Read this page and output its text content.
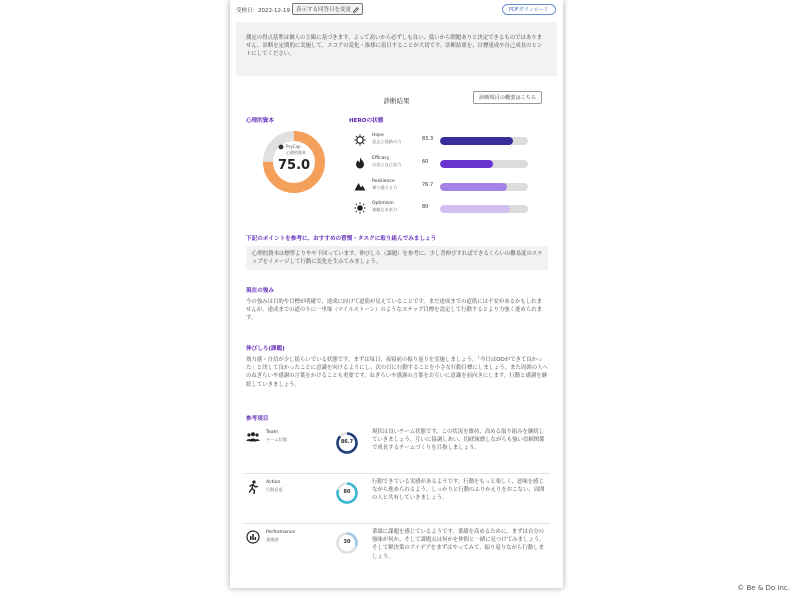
受検日：2022-12-19	表示する回答日を変更	PDFダウンロード

測定の得点基準は個人の主観に基づきます。よって高いから必ずしも良い、低いから問題ありと決定できるものではありません。診断を定期的に実施して、スコアの変化・推移に着目することが大切です。診断結果を、目標達成や自己成長のヒントにしてください。

診断結果	診断項目の概要はこちら
心理的資本
PsyCap
心理的資本
75.0
HEROの状態
Hope
意志と経路の力	83.3
Efficacy
自信と自己効力	60
Resilience
乗り越える力	76.7
Optimism
楽観な未来力	80
下記のポイントを参考に、おすすめの習慣・タスクに取り組んでみましょう
心理的資本は標準よりやや下回っています。伸びしろ（課題）を参考に、少し背伸びすればできるくらいの難易度のステップをイメージして行動に変化を生みてみましょう。
現在の強み
今の強みは目的や目標が明確で、達成に向けて道筋が見えていることです。まだ達成までの道筋には不安があるかもしれませんが、達成までの道のりに一里塚（マイルストーン）のようなステップ目標を設定して行動するとより力強く進められます。
伸びしろ(課題)
効力感・自信が少し揺らいでいる状態です。まずは毎日、夜寝前の振り返りを実施しましょう。「今日はOOができて良かった」と決して良かったことに意識を向けるようにし、次の日に行動することを小さな行動目標にしましょう。また周囲の人へのねぎらいや感謝の言葉をかけることも重要です。ねぎらいや感謝の言葉をお互いに意識を前向きにします。行動と感謝を継続していきましょう。
参考項目
Team
チーム状態	86.7
現状は良いチーム状態です。この状況を維持、高める取り組みを継続していきましょう。互いに協調しあい、切磋琢磨しながらも強い信頼関係で成長するチームづくりを目指しましょう。
Action
行動意思	80
行動できている実感があるようです。行動をもっと楽しく、意味を感じながら進められるよう、しっかりと行動のふりかえりをおこない、周囲の人と共有していきましょう。
Performance
業績感	30
業績に課題を感じているようです。業績を高めるために、まずは自分の強味が何か、そして課題点は何かを仲間と一緒に見つけてみましょう。そして解決策のアイデアをまずはやってみて、振り返りながら行動しましょう。
© Be & Do Inc.
